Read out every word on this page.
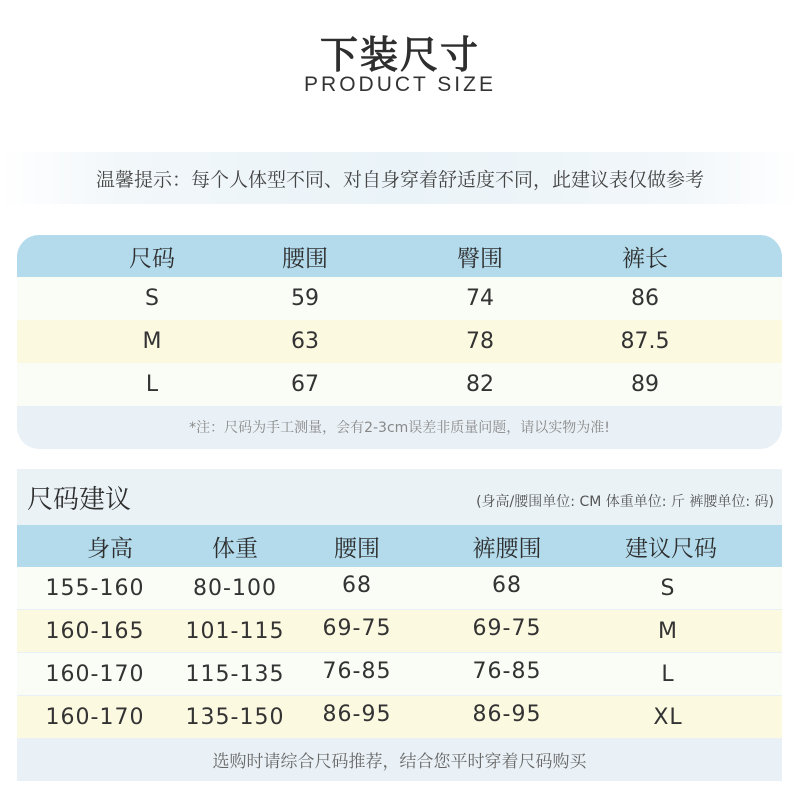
下装尺寸
PRODUCT SIZE
温馨提示：每个人体型不同、对自身穿着舒适度不同，此建议表仅做参考
尺码	腰围	臀围	裤长
S	59	74	86
M	63	78	87.5
L	67	82	89
*注：尺码为手工测量，会有2-3cm误差非质量问题，请以实物为准!
尺码建议	(身高/腰围单位: CM 体重单位: 斤 裤腰单位: 码)
身高	体重	腰围	裤腰围	建议尺码
155-160	80-100	68	68	S
160-165	101-115	69-75	69-75	M
160-170	115-135	76-85	76-85	L
160-170	135-150	86-95	86-95	XL
选购时请综合尺码推荐，结合您平时穿着尺码购买
